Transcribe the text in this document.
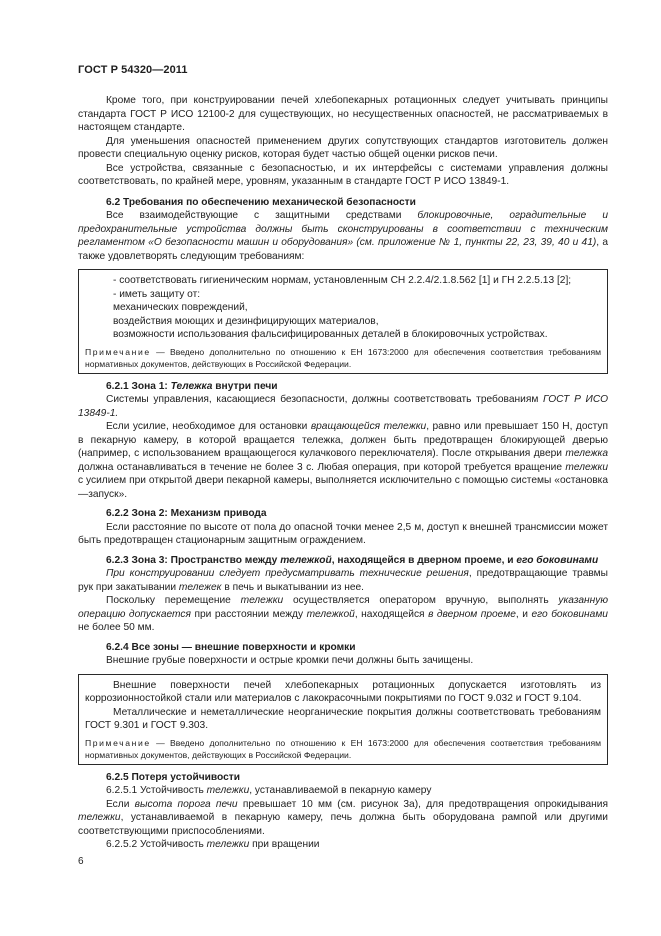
ГОСТ Р 54320—2011

Кроме того, при конструировании печей хлебопекарных ротационных следует учитывать принципы стандарта ГОСТ Р ИСО 12100-2 для существующих, но несущественных опасностей, не рассматриваемых в настоящем стандарте.

Для уменьшения опасностей применением других сопутствующих стандартов изготовитель должен провести специальную оценку рисков, которая будет частью общей оценки рисков печи.

Все устройства, связанные с безопасностью, и их интерфейсы с системами управления должны соответствовать, по крайней мере, уровням, указанным в стандарте ГОСТ Р ИСО 13849-1.

6.2 Требования по обеспечению механической безопасности

Все взаимодействующие с защитными средствами блокировочные, оградительные и предохранительные устройства должны быть сконструированы в соответствии с техническим регламентом «О безопасности машин и оборудования» (см. приложение № 1, пункты 22, 23, 39, 40 и 41), а также удовлетворять следующим требованиям:

- соответствовать гигиеническим нормам, установленным СН 2.2.4/2.1.8.562 [1] и ГН 2.2.5.13 [2];

- иметь защиту от:

механических повреждений,

воздействия моющих и дезинфицирующих материалов,

возможности использования фальсифицированных деталей в блокировочных устройствах.

Примечание — Введено дополнительно по отношению к ЕН 1673:2000 для обеспечения соответствия требованиям нормативных документов, действующих в Российской Федерации.

6.2.1 Зона 1: Тележка внутри печи

Системы управления, касающиеся безопасности, должны соответствовать требованиям ГОСТ Р ИСО 13849-1.

Если усилие, необходимое для остановки вращающейся тележки, равно или превышает 150 Н, доступ в пекарную камеру, в которой вращается тележка, должен быть предотвращен блокирующей дверью (например, с использованием вращающегося кулачкового переключателя). После открывания двери тележка должна останавливаться в течение не более 3 с. Любая операция, при которой требуется вращение тележки с усилием при открытой двери пекарной камеры, выполняется исключительно с помощью системы «остановка—запуск».

6.2.2 Зона 2: Механизм привода

Если расстояние по высоте от пола до опасной точки менее 2,5 м, доступ к внешней трансмиссии может быть предотвращен стационарным защитным ограждением.

6.2.3 Зона 3: Пространство между тележкой, находящейся в дверном проеме, и его боковинами

При конструировании следует предусматривать технические решения, предотвращающие травмы рук при закатывании тележек в печь и выкатывании из нее.

Поскольку перемещение тележки осуществляется оператором вручную, выполнять указанную операцию допускается при расстоянии между тележкой, находящейся в дверном проеме, и его боковинами не более 50 мм.

6.2.4 Все зоны — внешние поверхности и кромки

Внешние грубые поверхности и острые кромки печи должны быть зачищены.

Внешние поверхности печей хлебопекарных ротационных допускается изготовлять из коррозионностойкой стали или материалов с лакокрасочными покрытиями по ГОСТ 9.032 и ГОСТ 9.104.

Металлические и неметаллические неорганические покрытия должны соответствовать требованиям ГОСТ 9.301 и ГОСТ 9.303.

Примечание — Введено дополнительно по отношению к ЕН 1673:2000 для обеспечения соответствия требованиям нормативных документов, действующих в Российской Федерации.

6.2.5 Потеря устойчивости

6.2.5.1 Устойчивость тележки, устанавливаемой в пекарную камеру

Если высота порога печи превышает 10 мм (см. рисунок 3а), для предотвращения опрокидывания тележки, устанавливаемой в пекарную камеру, печь должна быть оборудована рампой или другими соответствующими приспособлениями.

6.2.5.2 Устойчивость тележки при вращении

6
